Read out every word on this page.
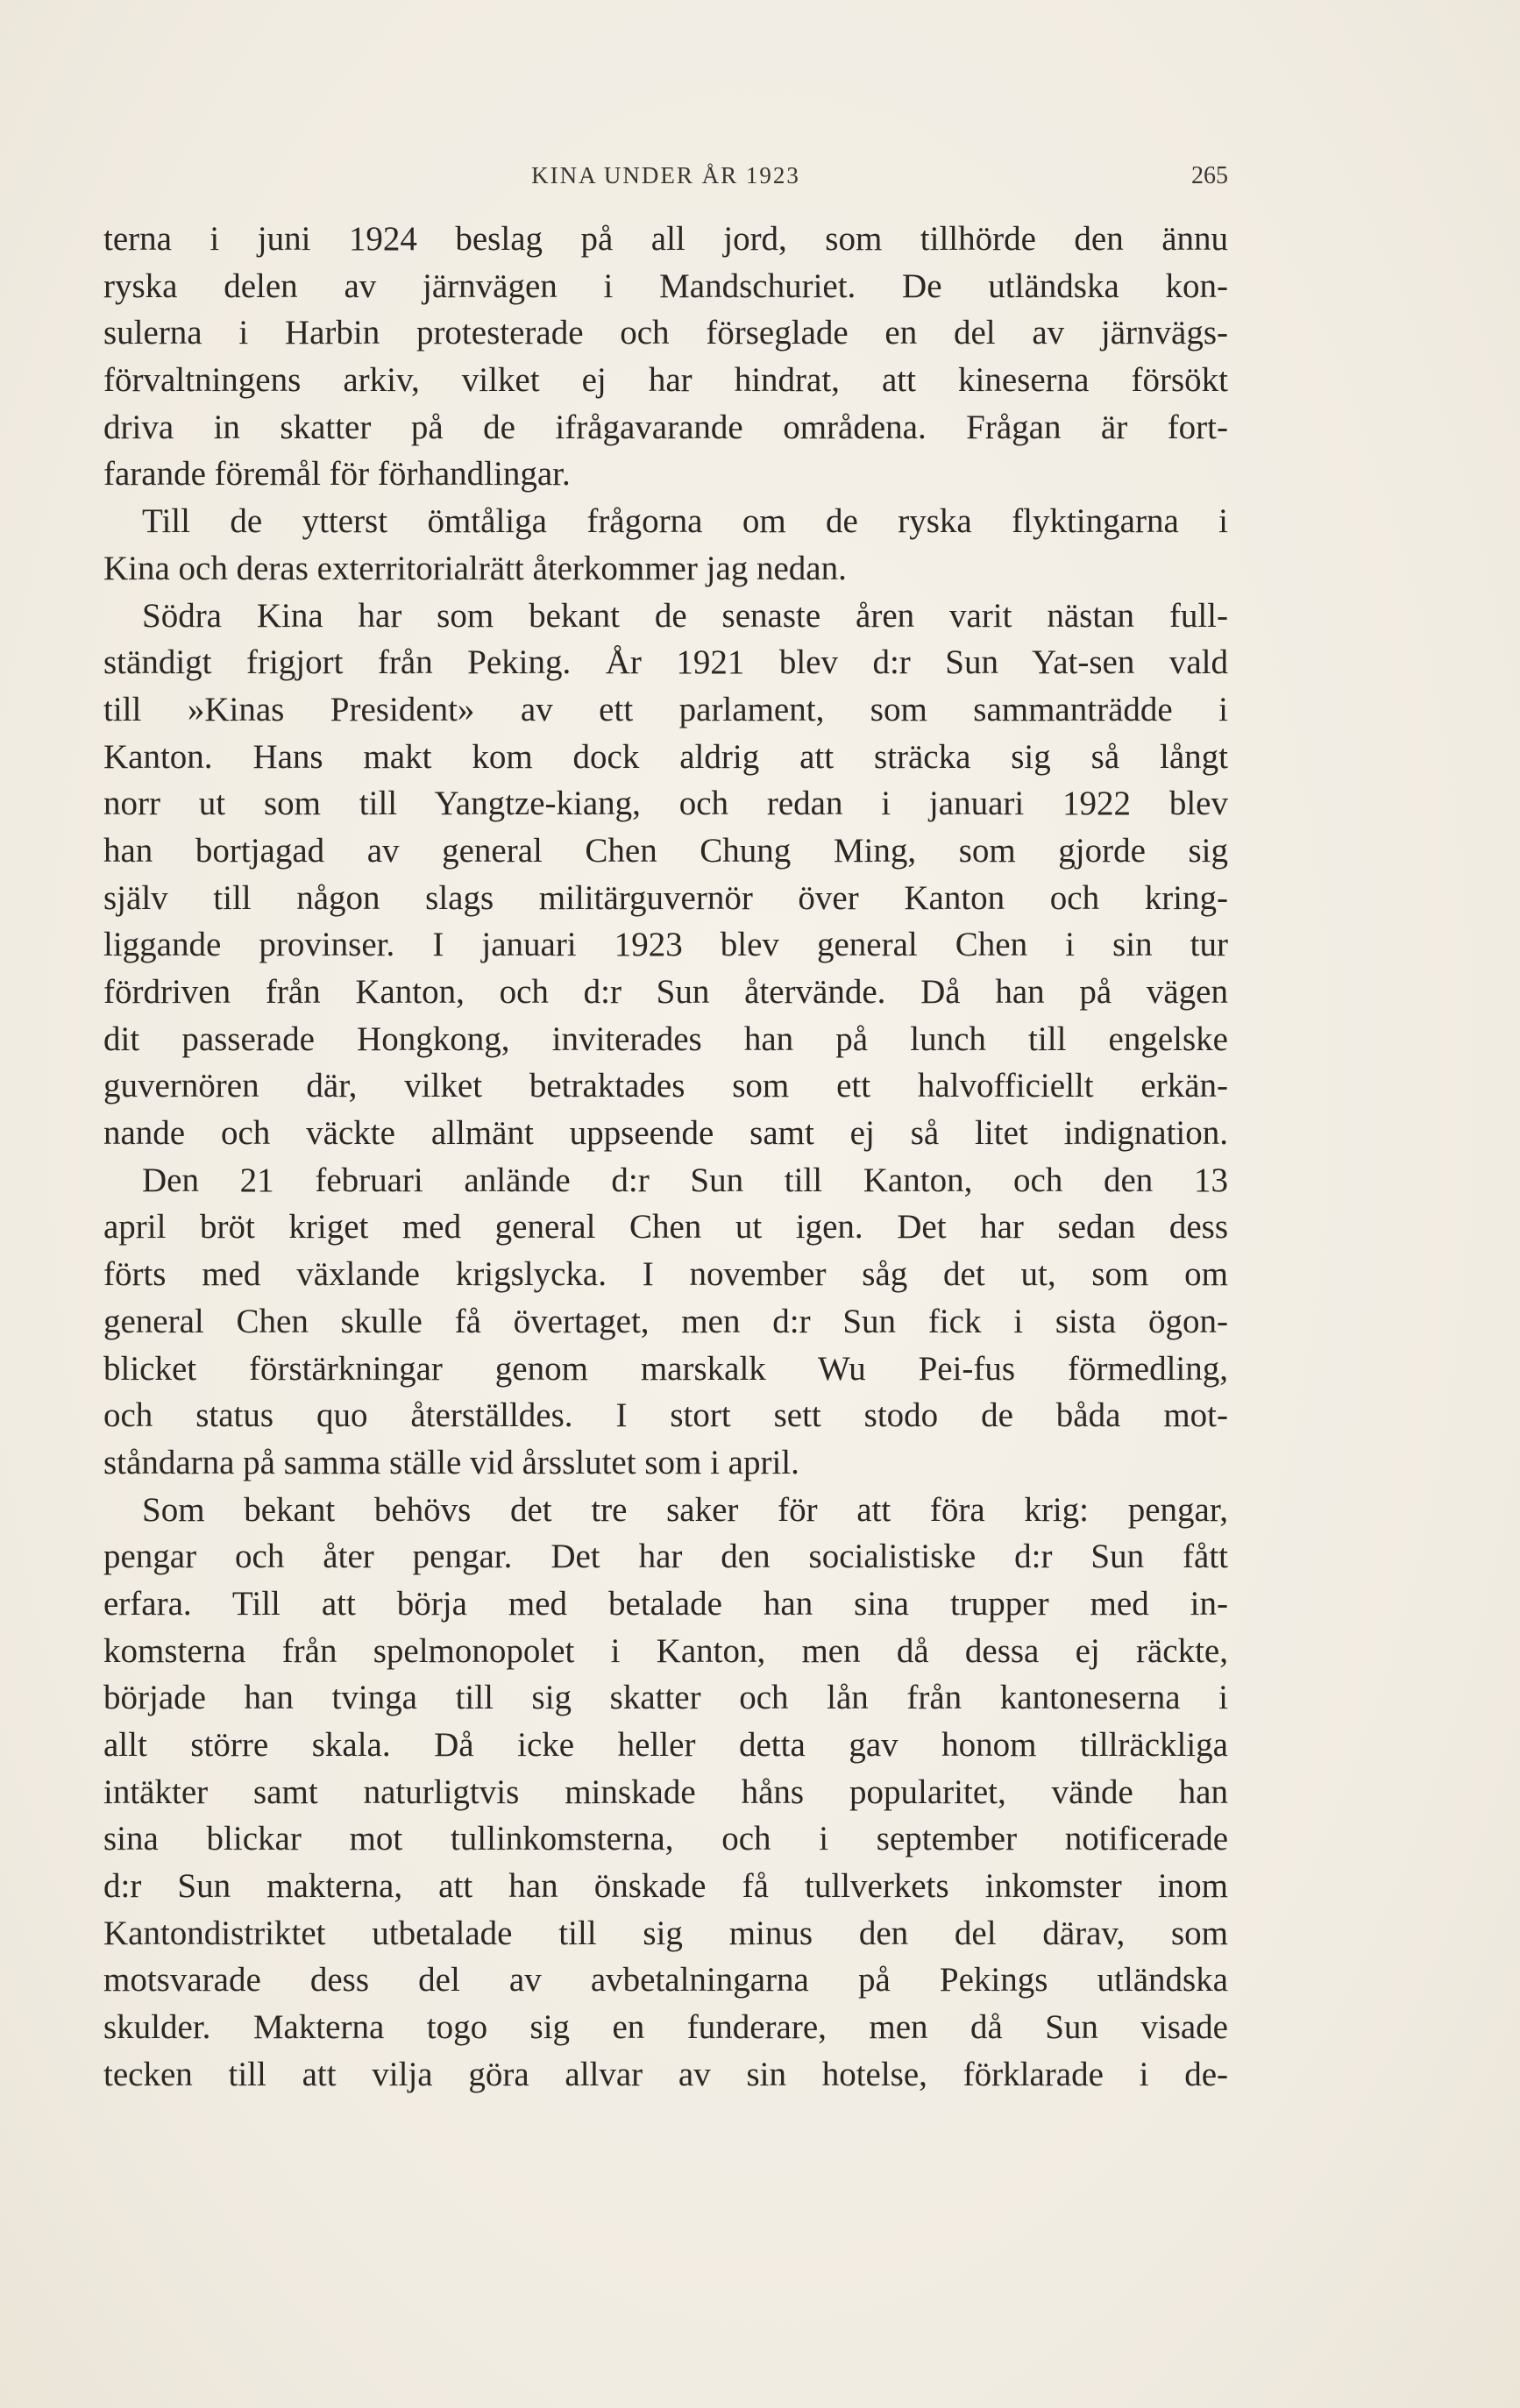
KINA UNDER ÅR 1923	265
terna i juni 1924 beslag på all jord, som tillhörde den ännu
ryska delen av järnvägen i Mandschuriet. De utländska kon-
sulerna i Harbin protesterade och förseglade en del av järnvägs-
förvaltningens arkiv, vilket ej har hindrat, att kineserna försökt
driva in skatter på de ifrågavarande områdena. Frågan är fort-
farande föremål för förhandlingar.
Till de ytterst ömtåliga frågorna om de ryska flyktingarna i
Kina och deras exterritorialrätt återkommer jag nedan.
Södra Kina har som bekant de senaste åren varit nästan full-
ständigt frigjort från Peking. År 1921 blev d:r Sun Yat-sen vald
till »Kinas President» av ett parlament, som sammanträdde i
Kanton. Hans makt kom dock aldrig att sträcka sig så långt
norr ut som till Yangtze-kiang, och redan i januari 1922 blev
han bortjagad av general Chen Chung Ming, som gjorde sig
själv till någon slags militärguvernör över Kanton och kring-
liggande provinser. I januari 1923 blev general Chen i sin tur
fördriven från Kanton, och d:r Sun återvände. Då han på vägen
dit passerade Hongkong, inviterades han på lunch till engelske
guvernören där, vilket betraktades som ett halvofficiellt erkän-
nande och väckte allmänt uppseende samt ej så litet indignation.
Den 21 februari anlände d:r Sun till Kanton, och den 13
april bröt kriget med general Chen ut igen. Det har sedan dess
förts med växlande krigslycka. I november såg det ut, som om
general Chen skulle få övertaget, men d:r Sun fick i sista ögon-
blicket förstärkningar genom marskalk Wu Pei-fus förmedling,
och status quo återställdes. I stort sett stodo de båda mot-
ståndarna på samma ställe vid årsslutet som i april.
Som bekant behövs det tre saker för att föra krig: pengar,
pengar och åter pengar. Det har den socialistiske d:r Sun fått
erfara. Till att börja med betalade han sina trupper med in-
komsterna från spelmonopolet i Kanton, men då dessa ej räckte,
började han tvinga till sig skatter och lån från kantoneserna i
allt större skala. Då icke heller detta gav honom tillräckliga
intäkter samt naturligtvis minskade håns popularitet, vände han
sina blickar mot tullinkomsterna, och i september notificerade
d:r Sun makterna, att han önskade få tullverkets inkomster inom
Kantondistriktet utbetalade till sig minus den del därav, som
motsvarade dess del av avbetalningarna på Pekings utländska
skulder. Makterna togo sig en funderare, men då Sun visade
tecken till att vilja göra allvar av sin hotelse, förklarade i de-
